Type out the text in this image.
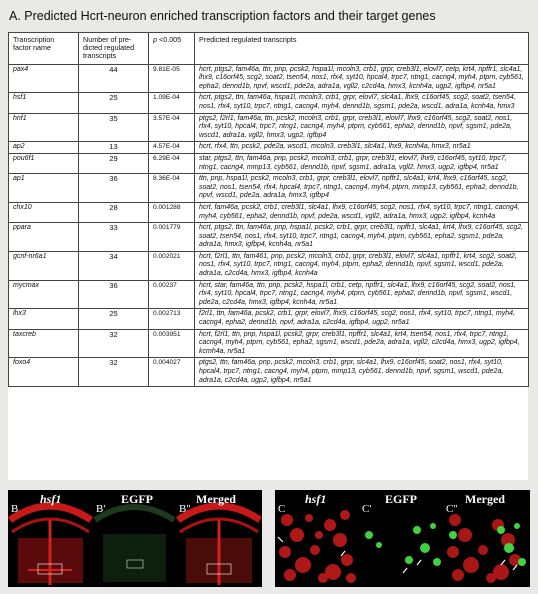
A. Predicted Hcrt-neuron enriched transcription factors and their target genes
Transcription factor name	Number of pre-dicted regulated transcripts	p <0.005	Predicted regulated transcripts
pax4	44	9.81E-05	hcrt, ptgs2, fam46a, ttn, pnp, pcsk2, hspa1l, mcoln3, crb1, grpr, creb3l1, elovl7, cetp, krt4, npffr1, slc4a1, lhx9, c16orf45, scg2, soat2, tsen54, nos1, rfx4, syt10, hpcal4, trpc7, ntng1, cacng4, myh4, ptprn, cyb561, epha2, dennd1b, npvf, wscd1, pde2a, adra1a, vgll2, c2cd4a, hmx3, kcnh4a, ugp2, igfbp4, nr5a1
hsf1	25	1.09E-04	hcrt, ptgs2, ttn, fam46a, hspa1l, mcoln3, crb1, grpr, elovl7, slc4a1, lhx9, c16orf45, scg2, soat2, tsen54, nos1, rfx4, syt10, trpc7, ntng1, cacng4, myh4, dennd1b, sgsm1, pde2a, wscd1, adra1a, kcnh4a, hmx3
hnf1	35	3.57E-04	ptgs2, f2rl1, fam46a, ttn, pcsk2, mcoln3, crb1, grpr, creb3l1, elovl7, lhx9, c16orf45, scg2, soat2, nos1, rfx4, syt10, hpcal4, trpc7, ntng1, cacng4, myh4, ptprn, cyb561, epha2, dennd1b, npvf, sgsm1, pde2a, wscd1, adra1a, vgll2, hmx3, ugp2, igfbp4
ap2	13	4.57E-04	hcrt, rfx4, ttn, pcsk2, pde2a, wscd1, mcoln3, creb3l1, slc4a1, lhx9, kcnh4a, hmx3, nr5a1
pou6f1	29	6.29E-04	star, ptgs2, ttn, fam46a, pnp, pcsk2, mcoln3, crb1, grpr, creb3l1, elovl7, lhx9, c16orf45, syt10, trpc7, ntng1, cacng4, mmp13, cyb561, dennd1b, npvf, sgsm1, adra1a, vgll2, hmx3, ugp2, igfbp4, nr5a1
ap1	36	8.36E-04	ttn, pnp, hspa1l, pcsk2, mcoln3, crb1, grpr, creb3l1, elovl7, npffr1, slc4a1, krt4, lhx9, c16orf45, scg2, soat2, nos1, tsen54, rfx4, hpcal4, trpc7, ntng1, cacng4, myh4, ptprn, mmp13, cyb561, epha2, dennd1b, npvf, wscd1, pde2a, adra1a, hmx3, igfbp4
chx10	28	0.001288	hcrt, fam46a, pcsk2, crb1, creb3l1, slc4a1, lhx9, c16orf45, scg2, nos1, rfx4, syt10, trpc7, ntng1, cacng4, myh4, cyb561, epha2, dennd1b, npvf, pde2a, wscd1, vgll2, adra1a, hmx3, ugp2, igfbp4, kcnh4a
ppara	33	0.001779	hcrt, ptgs2, ttn, fam46a, pnp, hspa1l, pcsk2, crb1, grpr, creb3l1, npffr1, slc4a1, krt4, lhx9, c16orf45, scg2, soat2, tsen54, nos1, rfx4, syt10, trpc7, ntng1, cacng4, myh4, ptprn, cyb561, epha2, sgsm1, pde2a, adra1a, hmx3, igfbp4, kcnh4a, nr5a1
gcnf-nr6a1	34	0.002021	hcrt, f2rl1, ttn, fam461, pnp, pcsk2, mcoln3, crb1, grpr, creb3l1, elovl7, slc4a1, npffr1, krt4, scg2, soat2, nos1, rfx4, syt10, trpc7, ntng1, cacng4, myh4, ptprn, epha2, dennd1b, npvf, sgsm1, wscd1, pde2a, adra1a, c2cd4a, hmx3, igfbp4, kcnh4a
mycmax	36	0.00237	hcrt, star, fam46a, ttn, pnp, pcsk2, hspa1l, crb1, cetp, npffr1, slc4a1, lhx9, c16orf45, scg2, soat2, nos1, rfx4, syt10, hpcal4, trpc7, ntng1, cacng4, myh4, ptprn, cyb561, epha2, dennd1b, npvf, sgsm1, wscd1, pde2a, c2cd4a, hmx3, igfbp4, kcnh4a, nr5a1
lhx3	25	0.002713	f2rl1, ttn, fam46a, pcsk2, crb1, grpr, elovl7, lhx9, c16orf45, scg2, nos1, rfx4, syt10, trpc7, ntng1, myh4, cacng4, epha2, dennd1b, npvf, adra1a, c2cd4a, igfbp4, ugp2, nr5a1
taxcreb	32	0.003951	hcrt, f2rl1, ttn, pnp, hspa1l, pcsk2, grpr, creb3l1, npffr1, slc4a1, krt4, tsen54, nos1, rfx4, trpc7, ntng1, cacng4, myh4, ptprn, cyb561, epha2, sgsm1, wscd1, pde2a, adra1a, vgll2, c2cd4a, hmx3, ugp2, igfbp4, kcmh4a, nr5a1
foxo4	32	0.004027	ptgs2, ttn, fam46a, pnp, pcsk2, mcoln3, crb1, grpr, slc4a1, lhx9, c16orf45, soat2, nos1, rfx4, syt10, hpcal4, trpc7, ntng1, cacng4, myh4, ptprn, mmp13, cyb561, dennd1b, npvf, sgsm1, wscd1, pde2a, adra1a, c2cd4a, ugp2, igfbp4, nr5a1
hsf1
B
EGFP
B'
Merged
B''
hsf1
C
EGFP
C'
Merged
C''
